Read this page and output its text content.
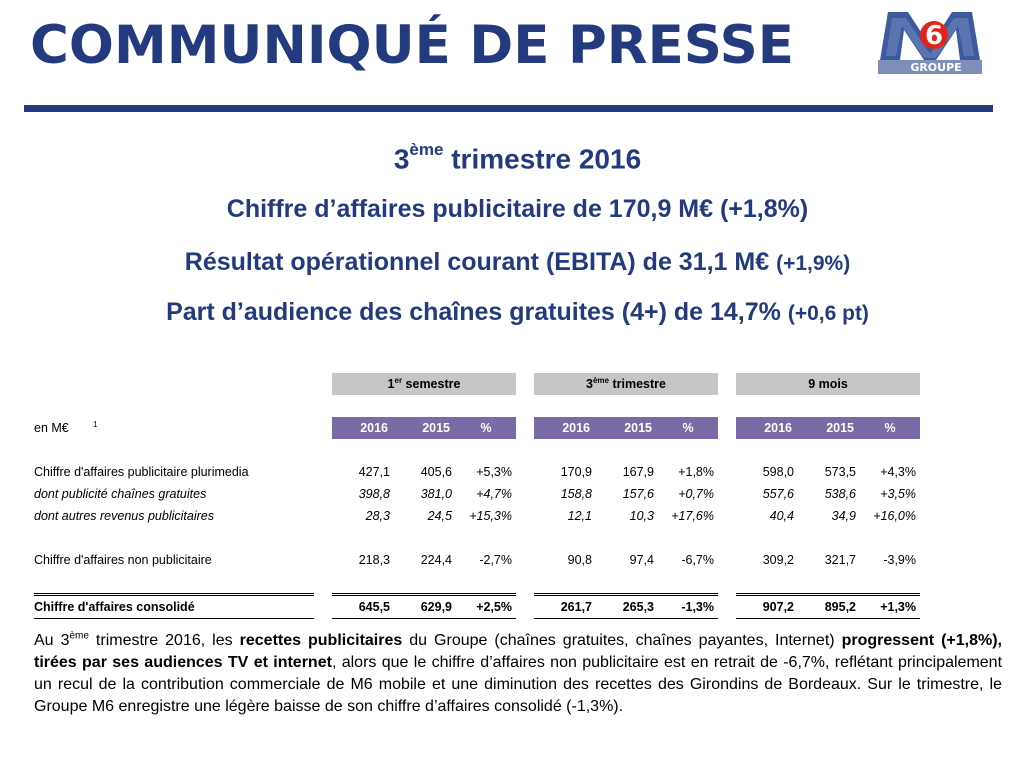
COMMUNIQUÉ DE PRESSE	6
GROUPE
3ème trimestre 2016
Chiffre d’affaires publicitaire de 170,9 M€ (+1,8%)
Résultat opérationnel courant (EBITA) de 31,1 M€ (+1,9%)
Part d’audience des chaînes gratuites (4+) de 14,7% (+0,6 pt)
		1er semestre				3ème trimestre				9 mois		

en M€ $^1$		2016	2015	%		2016	2015	%		2016	2015	%

Chiffre d'affaires publicitaire plurimedia		427,1	405,6	+5,3%		170,9	167,9	+1,8%		598,0	573,5	+4,3%
dont publicité chaînes gratuites		398,8	381,0	+4,7%		158,8	157,6	+0,7%		557,6	538,6	+3,5%
dont autres revenus publicitaires		28,3	24,5	+15,3%		12,1	10,3	+17,6%		40,4	34,9	+16,0%

Chiffre d'affaires non publicitaire		218,3	224,4	-2,7%		90,8	97,4	-6,7%		309,2	321,7	-3,9%

Chiffre d'affaires consolidé		645,5	629,9	+2,5%		261,7	265,3	-1,3%		907,2	895,2	+1,3%
Au 3ème trimestre 2016, les recettes publicitaires du Groupe (chaînes gratuites, chaînes payantes, Internet) progressent (+1,8%), tirées par ses audiences TV et internet, alors que le chiffre d’affaires non publicitaire est en retrait de -6,7%, reflétant principalement un recul de la contribution commerciale de M6 mobile et une diminution des recettes des Girondins de Bordeaux. Sur le trimestre, le Groupe M6 enregistre une légère baisse de son chiffre d’affaires consolidé (-1,3%).
